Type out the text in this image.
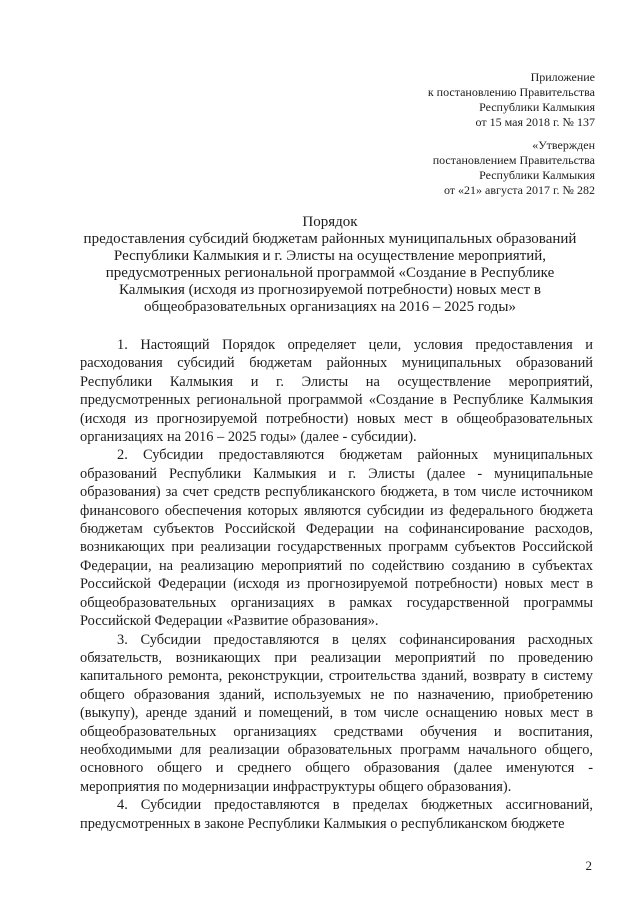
Приложение
к постановлению Правительства
Республики Калмыкия
от 15 мая 2018 г. № 137
«Утвержден
постановлением Правительства
Республики Калмыкия
от «21» августа 2017 г. № 282
Порядок
предоставления субсидий бюджетам районных муниципальных образований
Республики Калмыкия и г. Элисты на осуществление мероприятий,
предусмотренных региональной программой «Создание в Республике
Калмыкия (исходя из прогнозируемой потребности) новых мест в
общеобразовательных организациях на 2016 – 2025 годы»

1. Настоящий Порядок определяет цели, условия предоставления и расходования субсидий бюджетам районных муниципальных образований Республики Калмыкия и г. Элисты на осуществление мероприятий, предусмотренных региональной программой «Создание в Республике Калмыкия (исходя из прогнозируемой потребности) новых мест в общеобразовательных организациях на 2016 – 2025 годы» (далее - субсидии).

2. Субсидии предоставляются бюджетам районных муниципальных образований Республики Калмыкия и г. Элисты (далее - муниципальные образования) за счет средств республиканского бюджета, в том числе источником финансового обеспечения которых являются субсидии из федерального бюджета бюджетам субъектов Российской Федерации на софинансирование расходов, возникающих при реализации государственных программ субъектов Российской Федерации, на реализацию мероприятий по содействию созданию в субъектах Российской Федерации (исходя из прогнозируемой потребности) новых мест в общеобразовательных организациях в рамках государственной программы Российской Федерации «Развитие образования».

3. Субсидии предоставляются в целях софинансирования расходных обязательств, возникающих при реализации мероприятий по проведению капитального ремонта, реконструкции, строительства зданий, возврату в систему общего образования зданий, используемых не по назначению, приобретению (выкупу), аренде зданий и помещений, в том числе оснащению новых мест в общеобразовательных организациях средствами обучения и воспитания, необходимыми для реализации образовательных программ начального общего, основного общего и среднего общего образования (далее именуются - мероприятия по модернизации инфраструктуры общего образования).

4. Субсидии предоставляются в пределах бюджетных ассигнований, предусмотренных в законе Республики Калмыкия о республиканском бюджете

2
